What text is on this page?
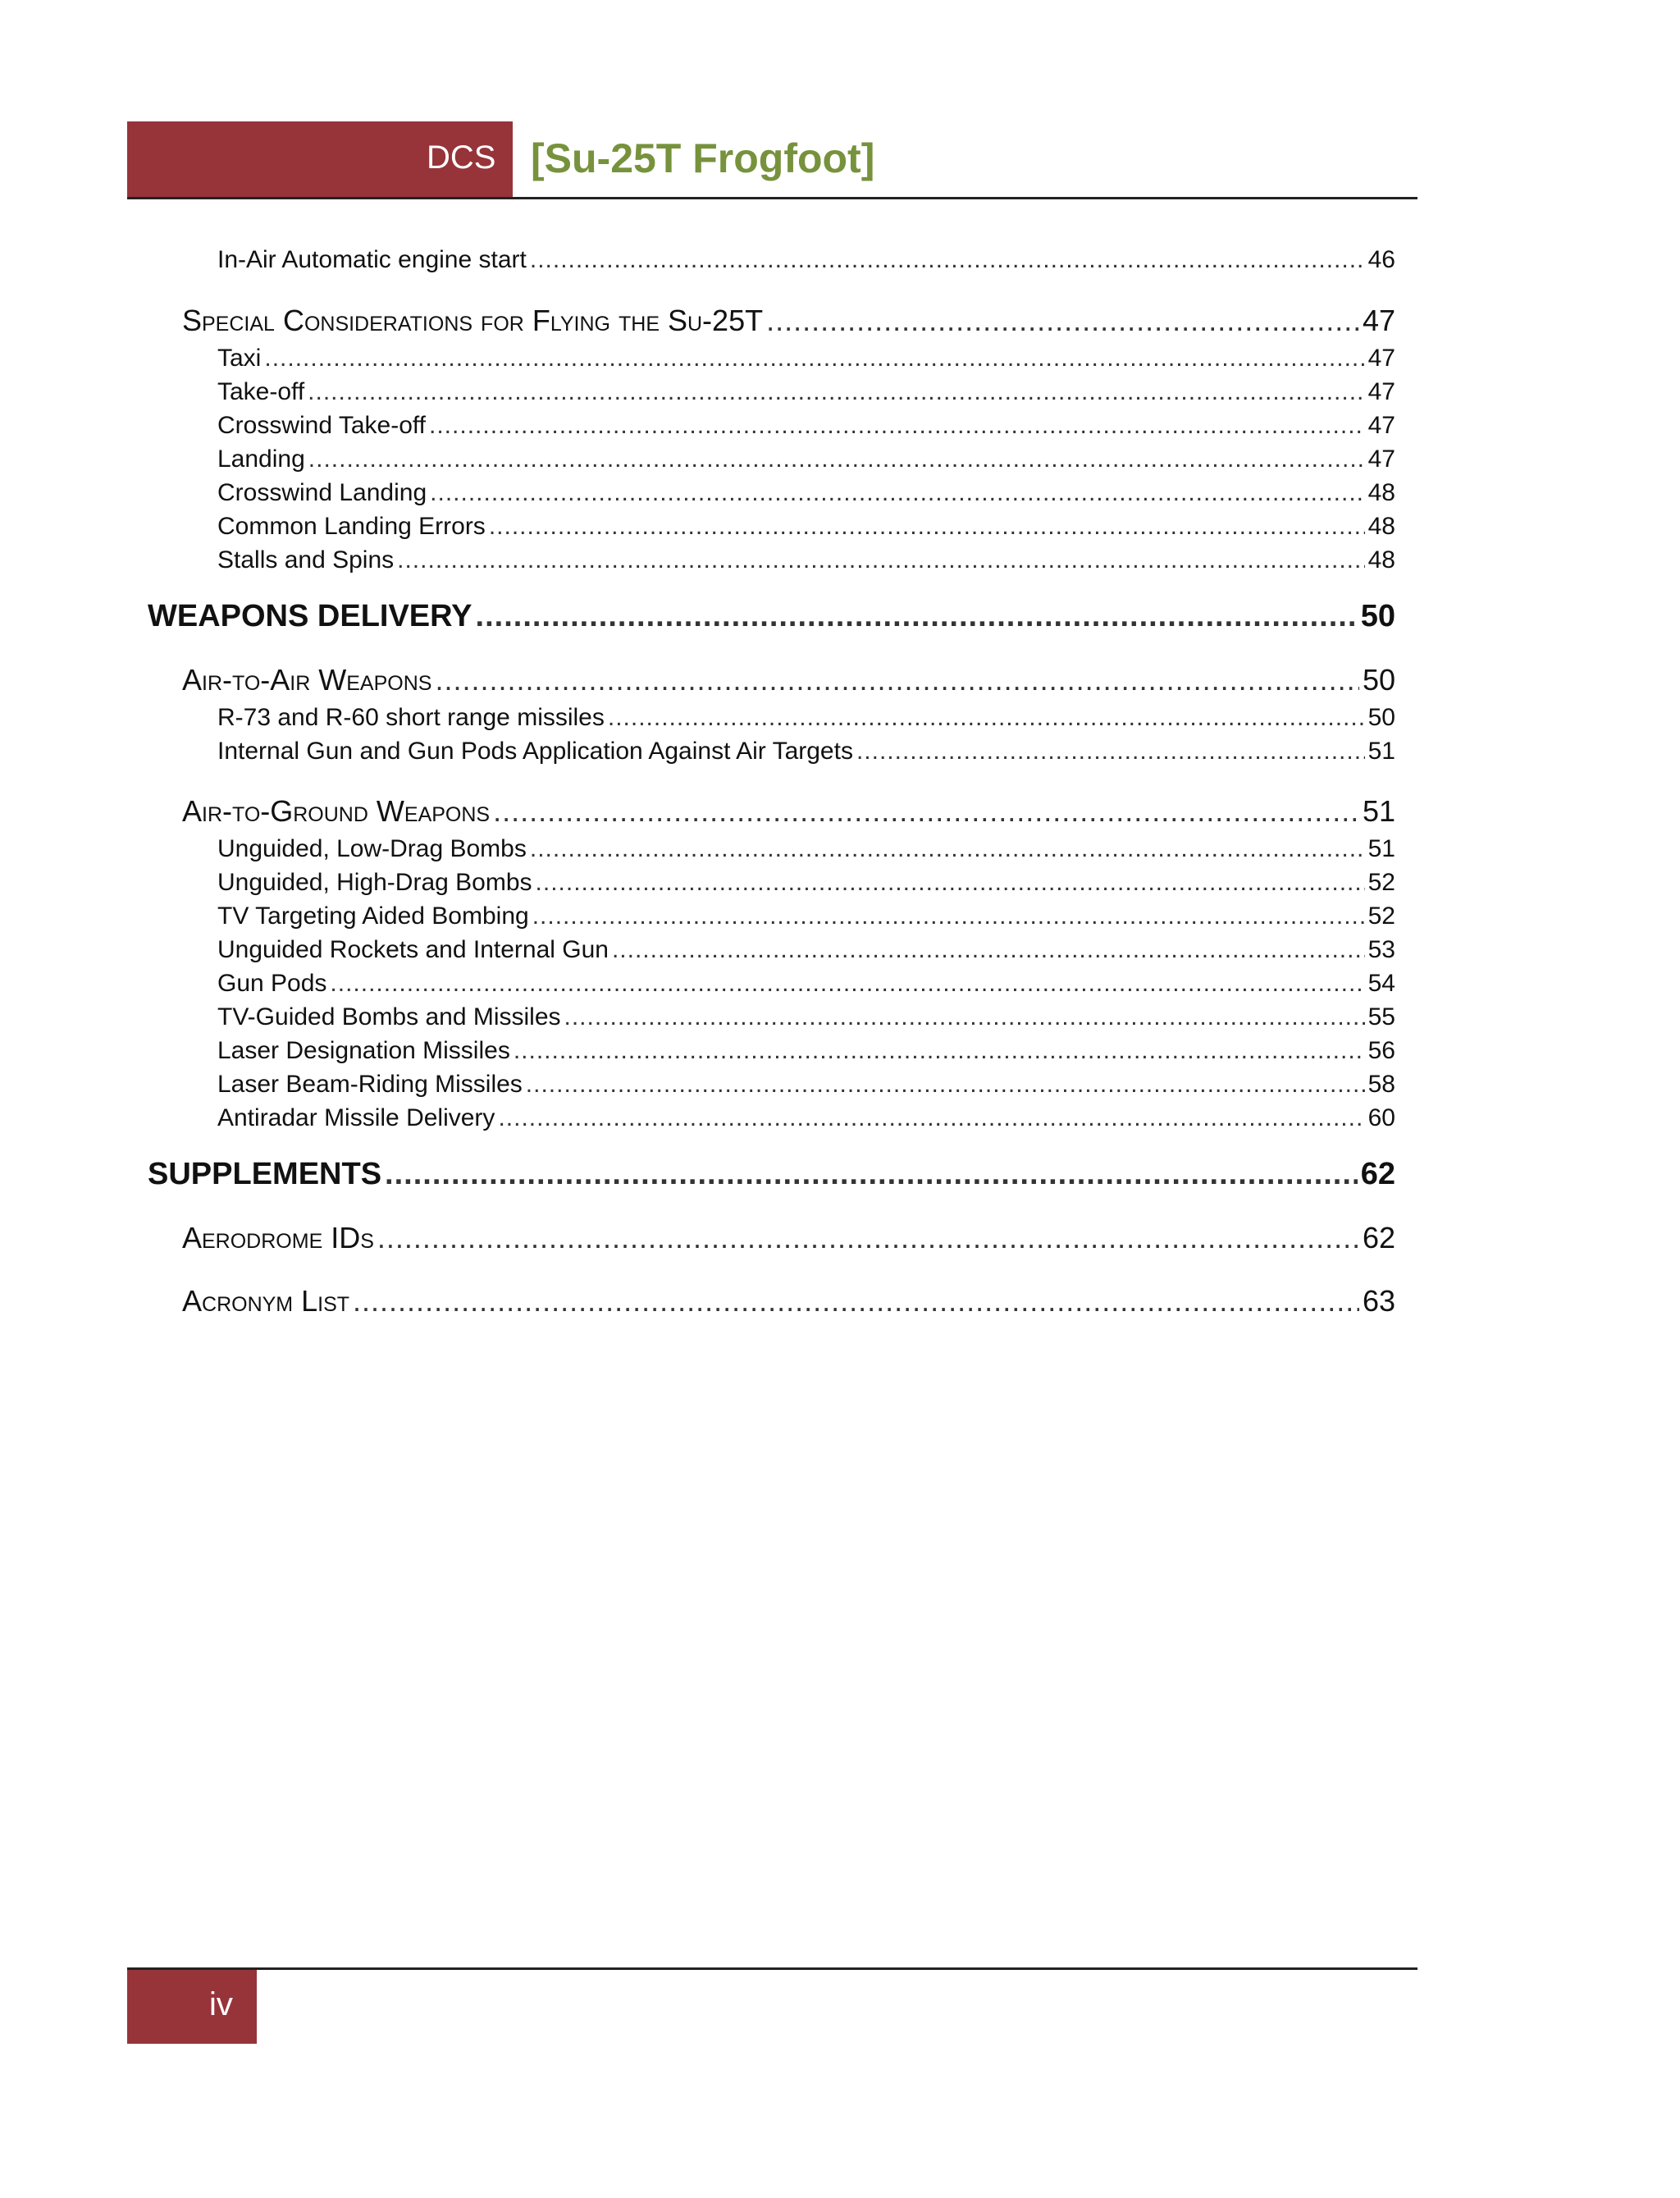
DCS [Su-25T Frogfoot]
In-Air Automatic engine start .....	46
Special Considerations for Flying the Su-25T .....	47
Taxi .....	47
Take-off .....	47
Crosswind Take-off .....	47
Landing .....	47
Crosswind Landing .....	48
Common Landing Errors .....	48
Stalls and Spins .....	48
WEAPONS DELIVERY .....	50
Air-to-Air Weapons .....	50
R-73 and R-60 short range missiles .....	50
Internal Gun and Gun Pods Application Against Air Targets .....	51
Air-to-Ground Weapons .....	51
Unguided, Low-Drag Bombs .....	51
Unguided, High-Drag Bombs .....	52
TV Targeting Aided Bombing .....	52
Unguided Rockets and Internal Gun .....	53
Gun Pods .....	54
TV-Guided Bombs and Missiles .....	55
Laser Designation Missiles .....	56
Laser Beam-Riding Missiles .....	58
Antiradar Missile Delivery .....	60
SUPPLEMENTS .....	62
Aerodrome IDs .....	62
Acronym List .....	63
iv
